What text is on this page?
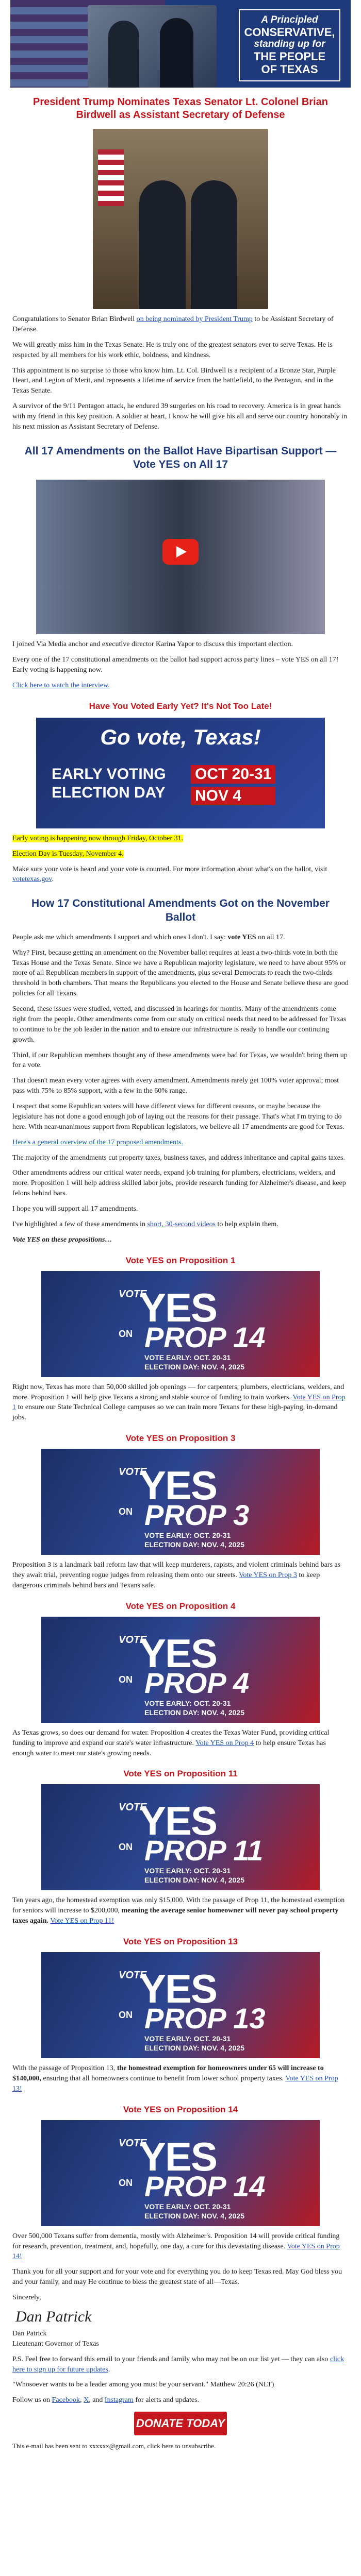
A Principled

CONSERVATIVE,
standing up for

THE PEOPLE
OF TEXAS
President Trump Nominates Texas Senator Lt. Colonel Brian Birdwell as Assistant Secretary of Defense

Congratulations to Senator Brian Birdwell on being nominated by President Trump to be Assistant Secretary of Defense.

We will greatly miss him in the Texas Senate. He is truly one of the greatest senators ever to serve Texas. He is respected by all members for his work ethic, boldness, and kindness.

This appointment is no surprise to those who know him. Lt. Col. Birdwell is a recipient of a Bronze Star, Purple Heart, and Legion of Merit, and represents a lifetime of service from the battlefield, to the Pentagon, and in the Texas Senate.

A survivor of the 9/11 Pentagon attack, he endured 39 surgeries on his road to recovery. America is in great hands with my friend in this key position. A soldier at heart, I know he will give his all and serve our country honorably in his next mission as Assistant Secretary of Defense.

All 17 Amendments on the Ballot Have Bipartisan Support — Vote YES on All 17

I joined Via Media anchor and executive director Karina Yapor to discuss this important election.

Every one of the 17 constitutional amendments on the ballot had support across party lines – vote YES on all 17! Early voting is happening now.

Click here to watch the interview.

Have You Voted Early Yet? It's Not Too Late!
Go vote, Texas!
EARLY VOTING
ELECTION DAY
OCT 20-31
NOV 4

Early voting is happening now through Friday, October 31.

Election Day is Tuesday, November 4.

Make sure your vote is heard and your vote is counted. For more information about what's on the ballot, visit votetexas.gov.

How 17 Constitutional Amendments Got on the November Ballot

People ask me which amendments I support and which ones I don't. I say: vote YES on all 17.

Why? First, because getting an amendment on the November ballot requires at least a two-thirds vote in both the Texas House and the Texas Senate. Since we have a Republican majority legislature, we need to have about 95% or more of all Republican members in support of the amendments, plus several Democrats to reach the two-thirds threshold in both chambers. That means the Republicans you elected to the House and Senate believe these are good policies for all Texans.

Second, these issues were studied, vetted, and discussed in hearings for months. Many of the amendments come right from the people. Other amendments come from our study on critical needs that need to be addressed for Texas to continue to be the job leader in the nation and to ensure our infrastructure is ready to handle our continuing growth.

Third, if our Republican members thought any of these amendments were bad for Texas, we wouldn't bring them up for a vote.

That doesn't mean every voter agrees with every amendment. Amendments rarely get 100% voter approval; most pass with 75% to 85% support, with a few in the 60% range.

I respect that some Republican voters will have different views for different reasons, or maybe because the legislature has not done a good enough job of laying out the reasons for their passage. That's what I'm trying to do here. With near-unanimous support from Republican legislators, we believe all 17 amendments are good for Texas.

Here's a general overview of the 17 proposed amendments.

The majority of the amendments cut property taxes, business taxes, and address inheritance and capital gains taxes.

Other amendments address our critical water needs, expand job training for plumbers, electricians, welders, and more. Proposition 1 will help address skilled labor jobs, provide research funding for Alzheimer's disease, and keep felons behind bars.

I hope you will support all 17 amendments.

I've highlighted a few of these amendments in short, 30-second videos to help explain them.

Vote YES on these propositions…

Vote YES on Proposition 1
VOTE
YES
ON PROP 14
VOTE EARLY: OCT. 20-31
ELECTION DAY: NOV. 4, 2025

Right now, Texas has more than 50,000 skilled job openings — for carpenters, plumbers, electricians, welders, and more. Proposition 1 will help give Texans a strong and stable source of funding to train workers. Vote YES on Prop 1 to ensure our State Technical College campuses so we can train more Texans for these high-paying, in-demand jobs.

Vote YES on Proposition 3
VOTE
YES
ON PROP 3
VOTE EARLY: OCT. 20-31
ELECTION DAY: NOV. 4, 2025

Proposition 3 is a landmark bail reform law that will keep murderers, rapists, and violent criminals behind bars as they await trial, preventing rogue judges from releasing them onto our streets. Vote YES on Prop 3 to keep dangerous criminals behind bars and Texans safe.

Vote YES on Proposition 4
VOTE
YES
ON PROP 4
VOTE EARLY: OCT. 20-31
ELECTION DAY: NOV. 4, 2025

As Texas grows, so does our demand for water. Proposition 4 creates the Texas Water Fund, providing critical funding to improve and expand our state's water infrastructure. Vote YES on Prop 4 to help ensure Texas has enough water to meet our state's growing needs.

Vote YES on Proposition 11
VOTE
YES
ON PROP 11
VOTE EARLY: OCT. 20-31
ELECTION DAY: NOV. 4, 2025

Ten years ago, the homestead exemption was only $15,000. With the passage of Prop 11, the homestead exemption for seniors will increase to $200,000, meaning the average senior homeowner will never pay school property taxes again. Vote YES on Prop 11!

Vote YES on Proposition 13
VOTE
YES
ON PROP 13
VOTE EARLY: OCT. 20-31
ELECTION DAY: NOV. 4, 2025

With the passage of Proposition 13, the homestead exemption for homeowners under 65 will increase to $140,000, ensuring that all homeowners continue to benefit from lower school property taxes. Vote YES on Prop 13!

Vote YES on Proposition 14
VOTE
YES
ON PROP 14
VOTE EARLY: OCT. 20-31
ELECTION DAY: NOV. 4, 2025

Over 500,000 Texans suffer from dementia, mostly with Alzheimer's. Proposition 14 will provide critical funding for research, prevention, treatment, and, hopefully, one day, a cure for this devastating disease. Vote YES on Prop 14!

Thank you for all your support and for your vote and for everything you do to keep Texas red. May God bless you and your family, and may He continue to bless the greatest state of all—Texas.

Sincerely,

Dan Patrick

Dan Patrick
Lieutenant Governor of Texas

P.S. Feel free to forward this email to your friends and family who may not be on our list yet — they can also click here to sign up for future updates.

"Whosoever wants to be a leader among you must be your servant." Matthew 20:26 (NLT)

Follow us on Facebook, X, and Instagram for alerts and updates.

DONATE TODAY

This e-mail has been sent to xxxxxx@gmail.com, click here to unsubscribe.
